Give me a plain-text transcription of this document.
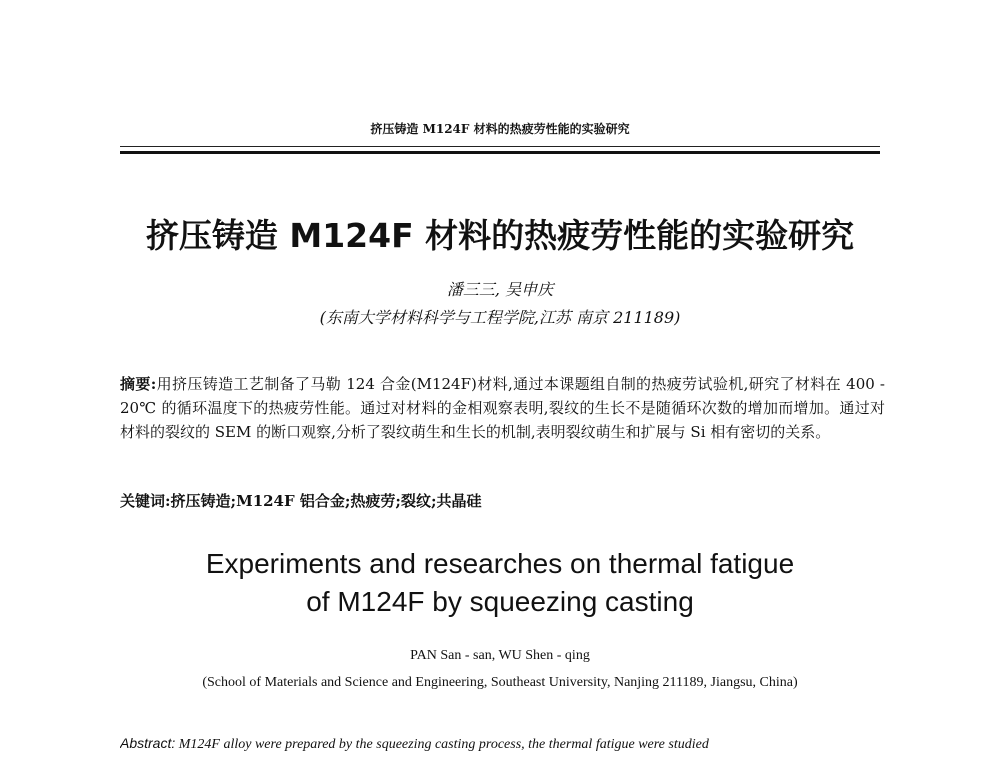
挤压铸造 M124F 材料的热疲劳性能的实验研究
挤压铸造 M124F 材料的热疲劳性能的实验研究
潘三三, 吴申庆
(东南大学材料科学与工程学院,江苏 南京 211189)
摘要:用挤压铸造工艺制备了马勒 124 合金(M124F)材料,通过本课题组自制的热疲劳试验机,研究了材料在 400 - 20℃ 的循环温度下的热疲劳性能。通过对材料的金相观察表明,裂纹的生长不是随循环次数的增加而增加。通过对材料的裂纹的 SEM 的断口观察,分析了裂纹萌生和生长的机制,表明裂纹萌生和扩展与 Si 相有密切的关系。
关键词:挤压铸造;M124F 铝合金;热疲劳;裂纹;共晶硅
Experiments and researches on thermal fatigue
of M124F by squeezing casting
PAN San - san, WU Shen - qing
(School of Materials and Science and Engineering, Southeast University, Nanjing 211189, Jiangsu, China)
Abstract: M124F alloy were prepared by the squeezing casting process, the thermal fatigue were studied
